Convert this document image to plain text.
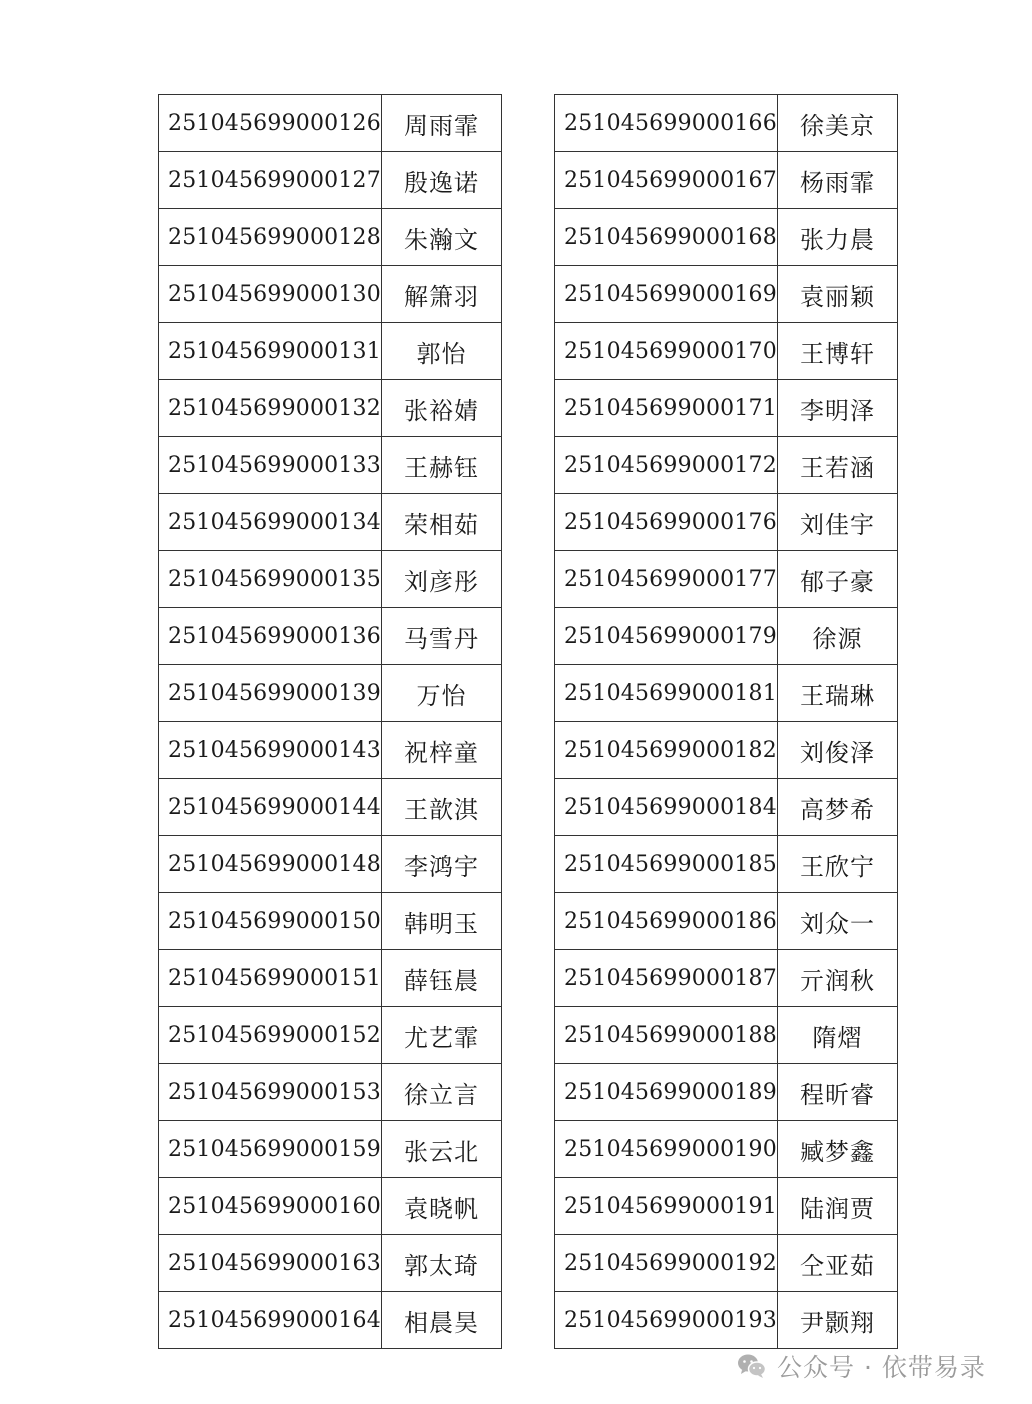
251045699000126	周雨霏
251045699000127	殷逸诺
251045699000128	朱瀚文
251045699000130	解箫羽
251045699000131	郭怡
251045699000132	张裕婧
251045699000133	王赫钰
251045699000134	荣相茹
251045699000135	刘彦彤
251045699000136	马雪丹
251045699000139	万怡
251045699000143	祝梓童
251045699000144	王歆淇
251045699000148	李鸿宇
251045699000150	韩明玉
251045699000151	薛钰晨
251045699000152	尤艺霏
251045699000153	徐立言
251045699000159	张云北
251045699000160	袁晓帆
251045699000163	郭太琦
251045699000164	相晨昊
251045699000166	徐美京
251045699000167	杨雨霏
251045699000168	张力晨
251045699000169	袁丽颖
251045699000170	王博轩
251045699000171	李明泽
251045699000172	王若涵
251045699000176	刘佳宇
251045699000177	郁子豪
251045699000179	徐源
251045699000181	王瑞琳
251045699000182	刘俊泽
251045699000184	高梦希
251045699000185	王欣宁
251045699000186	刘众一
251045699000187	亓润秋
251045699000188	隋熠
251045699000189	程昕睿
251045699000190	臧梦鑫
251045699000191	陆润贾
251045699000192	仝亚茹
251045699000193	尹颢翔
公众号 · 依带易录
